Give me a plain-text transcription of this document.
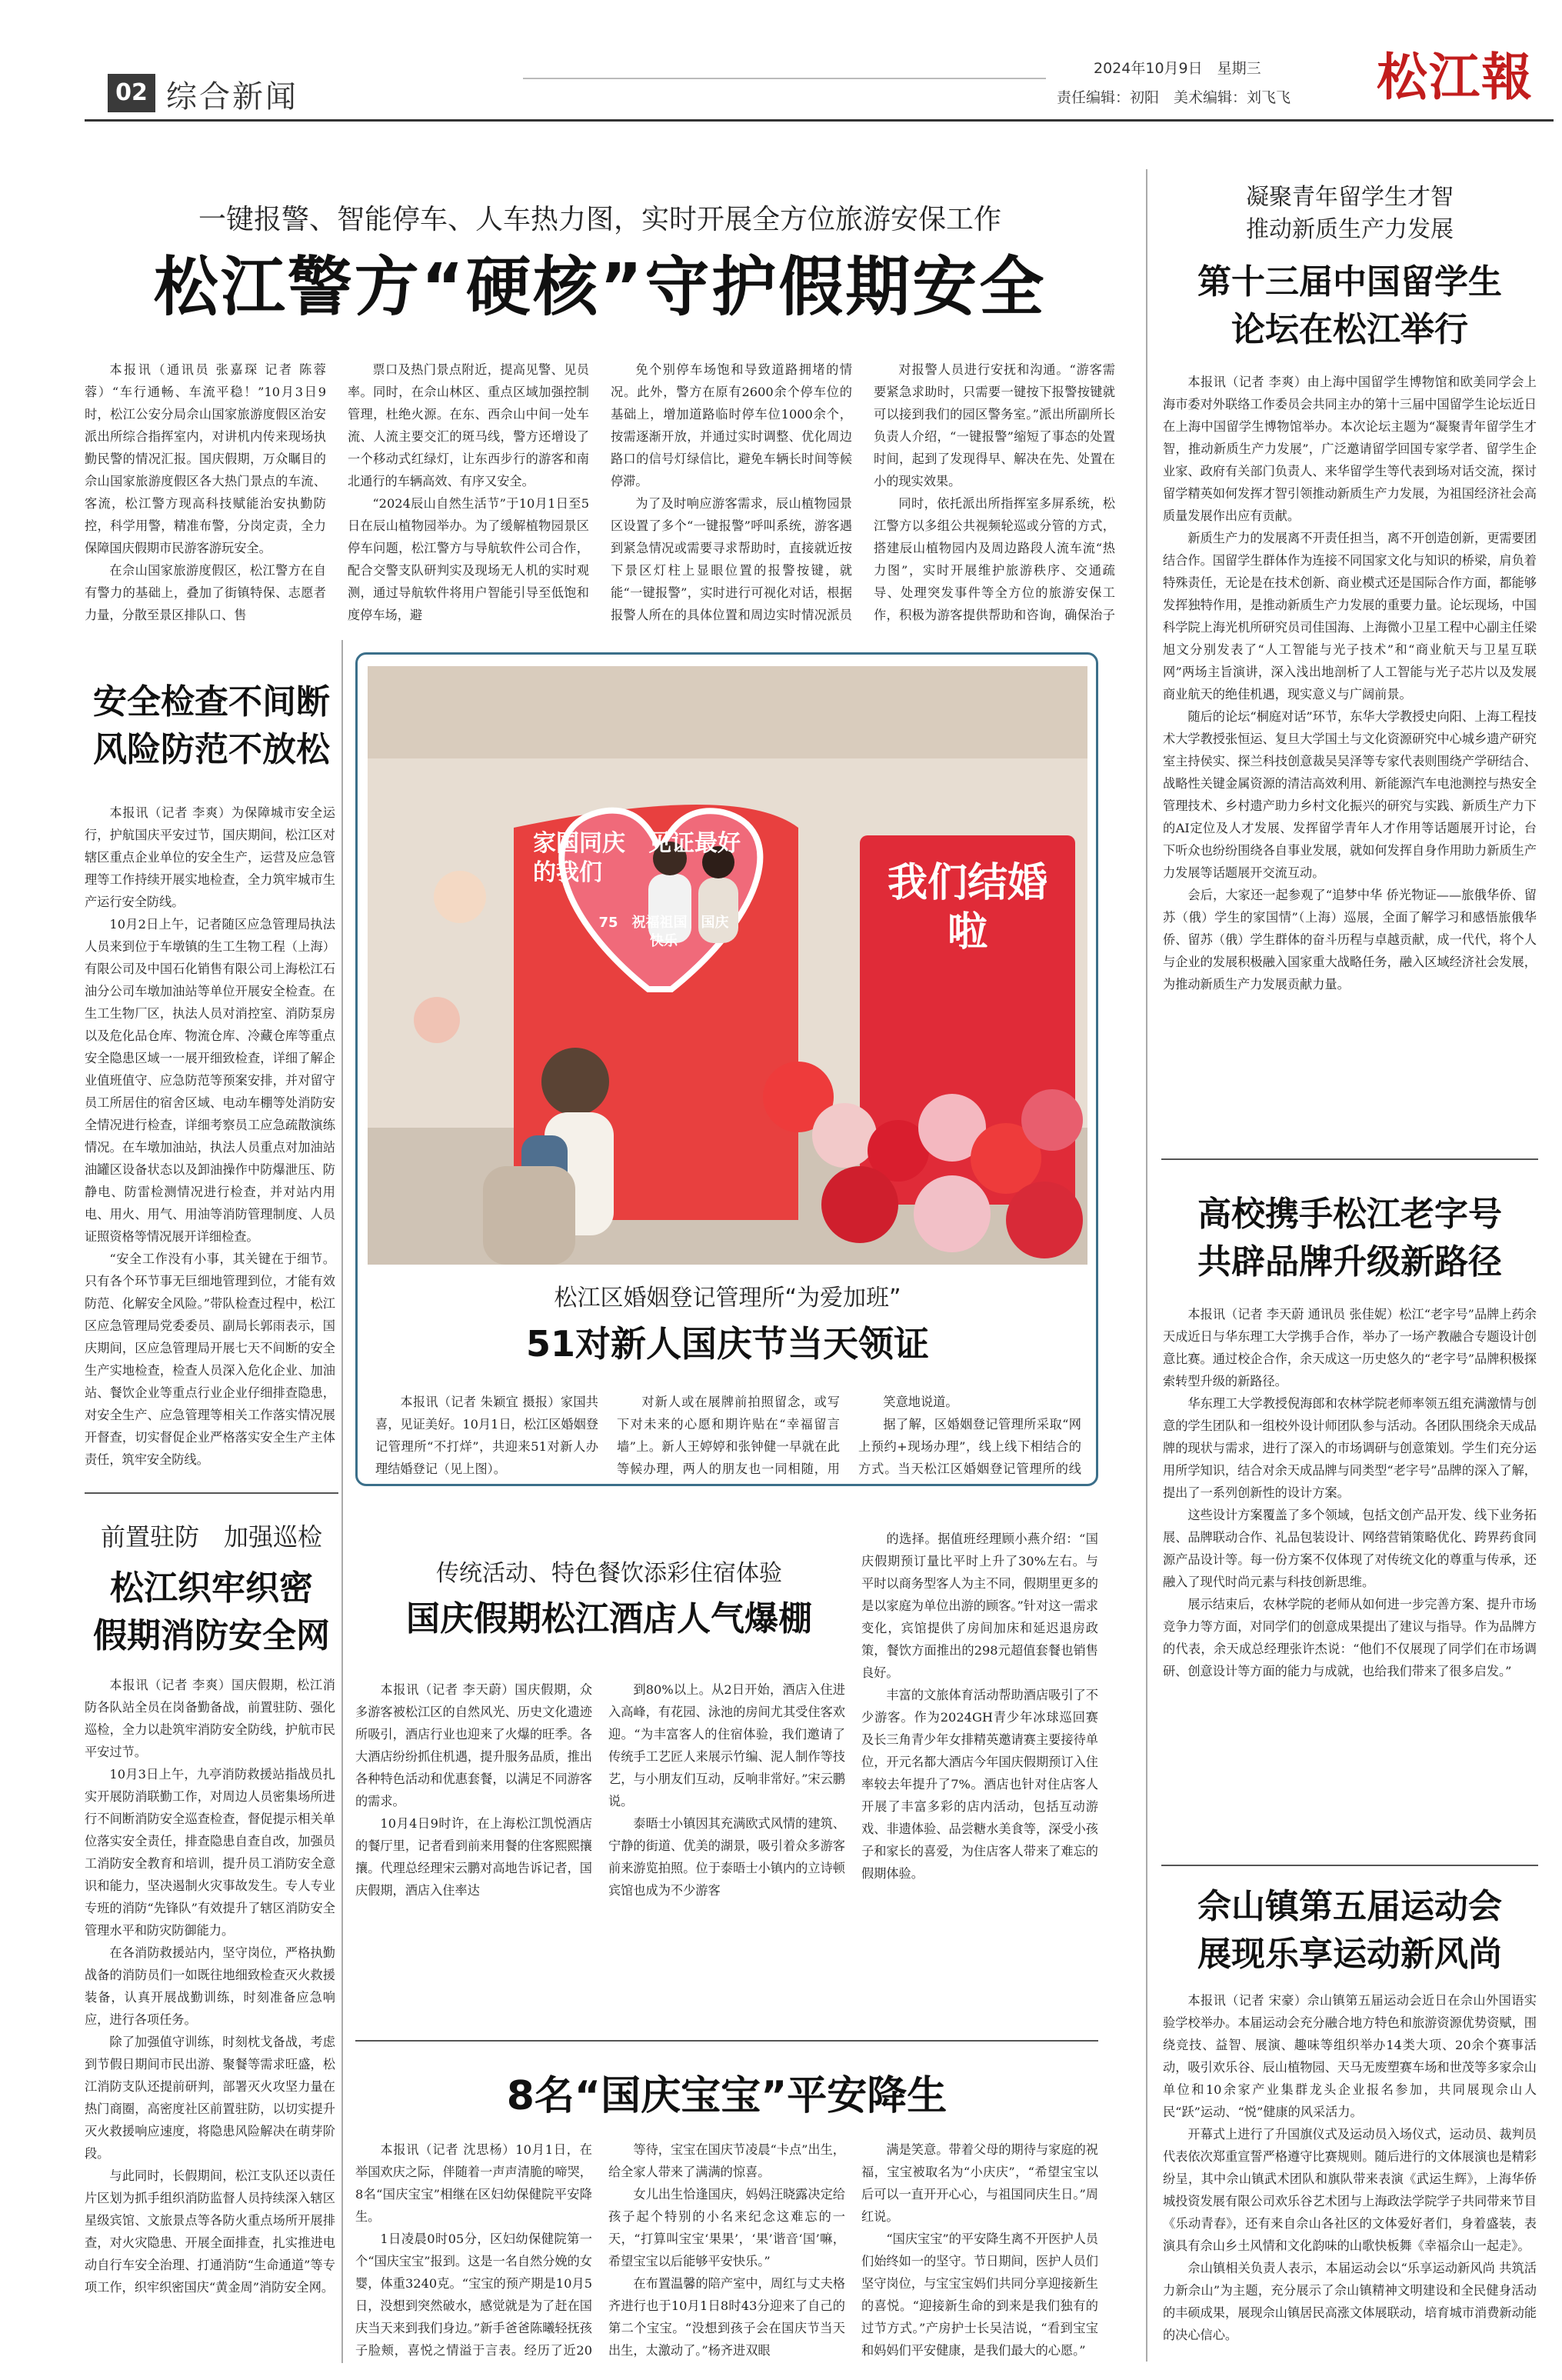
02 综合新闻
2024年10月9日　星期三
责任编辑：初阳　美术编辑：刘飞飞	松江報
一键报警、智能停车、人车热力图，实时开展全方位旅游安保工作
松江警方“硬核”守护假期安全

本报讯（通讯员 张嘉琛 记者 陈蓉蓉）“车行通畅、车流平稳！”10月3日9时，松江公安分局佘山国家旅游度假区治安派出所综合指挥室内，对讲机内传来现场执勤民警的情况汇报。国庆假期，万众瞩目的佘山国家旅游度假区各大热门景点的车流、客流，松江警方现高科技赋能治安执勤防控，科学用警，精准布警，分岗定责，全力保障国庆假期市民游客游玩安全。

在佘山国家旅游度假区，松江警方在自有警力的基础上，叠加了街镇特保、志愿者力量，分散至景区排队口、售

票口及热门景点附近，提高见警、见员率。同时，在佘山林区、重点区域加强控制管理，杜绝火源。在东、西佘山中间一处车流、人流主要交汇的斑马线，警方还增设了一个移动式红绿灯，让东西步行的游客和南北通行的车辆高效、有序又安全。

“2024辰山自然生活节”于10月1日至5日在辰山植物园举办。为了缓解植物园景区停车问题，松江警方与导航软件公司合作，配合交警支队研判实及现场无人机的实时观测，通过导航软件将用户智能引导至低饱和度停车场，避

免个别停车场饱和导致道路拥堵的情况。此外，警方在原有2600余个停车位的基础上，增加道路临时停车位1000余个，按需逐渐开放，并通过实时调整、优化周边路口的信号灯绿信比，避免车辆长时间等候停滞。

为了及时响应游客需求，辰山植物园景区设置了多个“一键报警”呼叫系统，游客遇到紧急情况或需要寻求帮助时，直接就近按下景区灯柱上显眼位置的报警按键，就能“一键报警”，实时进行可视化对话，根据报警人所在的具体位置和周边实时情况派员

对报警人员进行安抚和沟通。“游客需要紧急求助时，只需要一键按下报警按键就可以接到我们的园区警务室。”派出所副所长负责人介绍，“一键报警”缩短了事态的处置时间，起到了发现得早、解决在先、处置在小的现实效果。

同时，依托派出所指挥室多屏系统，松江警方以多组公共视频轮巡或分管的方式，搭建辰山植物园内及周边路段人流车流“热力图”，实时开展维护旅游秩序、交通疏导、处理突发事件等全方位的旅游安保工作，积极为游客提供帮助和咨询，确保治子

安全检查不间断
风险防范不放松

本报讯（记者 李爽）为保障城市安全运行，护航国庆平安过节，国庆期间，松江区对辖区重点企业单位的安全生产，运营及应急管理等工作持续开展实地检查，全力筑牢城市生产运行安全防线。

10月2日上午，记者随区应急管理局执法人员来到位于车墩镇的生工生物工程（上海）有限公司及中国石化销售有限公司上海松江石油分公司车墩加油站等单位开展安全检查。在生工生物厂区，执法人员对消控室、消防泵房以及危化品仓库、物流仓库、冷藏仓库等重点安全隐患区域一一展开细致检查，详细了解企业值班值守、应急防范等预案安排，并对留守员工所居住的宿舍区域、电动车棚等处消防安全情况进行检查，详细考察员工应急疏散演练情况。在车墩加油站，执法人员重点对加油站油罐区设备状态以及卸油操作中防爆泄压、防静电、防雷检测情况进行检查，并对站内用电、用火、用气、用油等消防管理制度、人员证照资格等情况展开详细检查。

“安全工作没有小事，其关键在于细节。只有各个环节事无巨细地管理到位，才能有效防范、化解安全风险。”带队检查过程中，松江区应急管理局党委委员、副局长郭雨表示，国庆期间，区应急管理局开展七天不间断的安全生产实地检查，检查人员深入危化企业、加油站、餐饮企业等重点行业企业仔细排查隐患，对安全生产、应急管理等相关工作落实情况展开督查，切实督促企业严格落实安全生产主体责任，筑牢安全防线。

前置驻防　加强巡检
松江织牢织密
假期消防安全网

本报讯（记者 李爽）国庆假期，松江消防各队站全员在岗备勤备战，前置驻防、强化巡检，全力以赴筑牢消防安全防线，护航市民平安过节。

10月3日上午，九亭消防救援站指战员扎实开展防消联勤工作，对周边人员密集场所进行不间断消防安全巡查检查，督促提示相关单位落实安全责任，排查隐患自查自改，加强员工消防安全教育和培训，提升员工消防安全意识和能力，坚决遏制火灾事故发生。专人专业专班的消防“先锋队”有效提升了辖区消防安全管理水平和防灾防御能力。

在各消防救援站内，坚守岗位，严格执勤战备的消防员们一如既往地细致检查灭火救援装备，认真开展战勤训练，时刻准备应急响应，进行各项任务。

除了加强值守训练，时刻枕戈备战，考虑到节假日期间市民出游、聚餐等需求旺盛，松江消防支队还提前研判，部署灭火攻坚力量在热门商圈，高密度社区前置驻防，以切实提升灭火救援响应速度，将隐患风险解决在萌芽阶段。

与此同时，长假期间，松江支队还以责任片区划为抓手组织消防监督人员持续深入辖区星级宾馆、文旅景点等各防火重点场所开展排查，对火灾隐患、开展全面排查，扎实推进电动自行车安全治理、打通消防“生命通道”等专项工作，织牢织密国庆“黄金周”消防安全网。

家国同庆　见证最好的我们
75　祝福祖国　国庆快乐
我们结婚啦
松江区婚姻登记管理所“为爱加班”
51对新人国庆节当天领证

本报讯（记者 朱颖宜 摄报）家国共喜，见证美好。10月1日，松江区婚姻登记管理所“不打烊”，共迎来51对新人办理结婚登记（见上图）。

对新人或在展牌前拍照留念，或写下对未来的心愿和期许贴在“幸福留言墙”上。新人王婷婷和张钟健一早就在此等候办理，两人的朋友也一同相随，用

笑意地说道。

据了解，区婚姻登记管理所采取“网上预约+现场办理”，线上线下相结合的方式。当天松江区婚姻登记管理所的线

传统活动、特色餐饮添彩住宿体验
国庆假期松江酒店人气爆棚

本报讯（记者 李天蔚）国庆假期，众多游客被松江区的自然风光、历史文化遗迹所吸引，酒店行业也迎来了火爆的旺季。各大酒店纷纷抓住机遇，提升服务品质，推出各种特色活动和优惠套餐，以满足不同游客的需求。

10月4日9时许，在上海松江凯悦酒店的餐厅里，记者看到前来用餐的住客熙熙攘攘。代理总经理宋云鹏对高地告诉记者，国庆假期，酒店入住率达

到80%以上。从2日开始，酒店入住进入高峰，有花园、泳池的房间尤其受住客欢迎。“为丰富客人的住宿体验，我们邀请了传统手工艺匠人来展示竹编、泥人制作等技艺，与小朋友们互动，反响非常好。”宋云鹏说。

泰晤士小镇因其充满欧式风情的建筑、宁静的街道、优美的湖景，吸引着众多游客前来游览拍照。位于泰晤士小镇内的立诗顿宾馆也成为不少游客

的选择。据值班经理顾小燕介绍：“国庆假期预订量比平时上升了30%左右。与平时以商务型客人为主不同，假期里更多的是以家庭为单位出游的顾客。”针对这一需求变化，宾馆提供了房间加床和延迟退房政策，餐饮方面推出的298元超值套餐也销售良好。

丰富的文旅体育活动帮助酒店吸引了不少游客。作为2024GH青少年冰球巡回赛及长三角青少年女排精英邀请赛主要接待单位，开元名都大酒店今年国庆假期预订入住率较去年提升了7%。酒店也针对住店客人开展了丰富多彩的店内活动，包括互动游戏、非遗体验、品尝糖水美食等，深受小孩子和家长的喜爱，为住店客人带来了难忘的假期体验。

8名“国庆宝宝”平安降生

本报讯（记者 沈思杨）10月1日，在举国欢庆之际，伴随着一声声清脆的啼哭，8名“国庆宝宝”相继在区妇幼保健院平安降生。

1日凌晨0时05分，区妇幼保健院第一个“国庆宝宝”报到。这是一名自然分娩的女婴，体重3240克。“宝宝的预产期是10月5日，没想到突然破水，感觉就是为了赶在国庆当天来到我们身边。”新手爸爸陈曦轻抚孩子脸颊，喜悦之情溢于言表。经历了近20

等待，宝宝在国庆节凌晨“卡点”出生，给全家人带来了满满的惊喜。

女儿出生恰逢国庆，妈妈汪晓露决定给孩子起个特别的小名来纪念这难忘的一天，“打算叫宝宝‘果果’，‘果’谐音‘国’嘛，希望宝宝以后能够平安快乐。”

在布置温馨的陪产室中，周红与丈夫格齐进行也于10月1日8时43分迎来了自己的第二个宝宝。“没想到孩子会在国庆节当天出生，太激动了。”杨齐进双眼

满是笑意。带着父母的期待与家庭的祝福，宝宝被取名为“小庆庆”，“希望宝宝以后可以一直开开心心，与祖国同庆生日。”周红说。

“国庆宝宝”的平安降生离不开医护人员们始终如一的坚守。节日期间，医护人员们坚守岗位，与宝宝宝妈们共同分享迎接新生的喜悦。“迎接新生命的到来是我们独有的过节方式。”产房护士长吴洁说，“看到宝宝和妈妈们平安健康，是我们最大的心愿。”

凝聚青年留学生才智
推动新质生产力发展
第十三届中国留学生
论坛在松江举行

本报讯（记者 李爽）由上海中国留学生博物馆和欧美同学会上海市委对外联络工作委员会共同主办的第十三届中国留学生论坛近日在上海中国留学生博物馆举办。本次论坛主题为“凝聚青年留学生才智，推动新质生产力发展”，广泛邀请留学回国专家学者、留学生企业家、政府有关部门负责人、来华留学生等代表到场对话交流，探讨留学精英如何发挥才智引领推动新质生产力发展，为祖国经济社会高质量发展作出应有贡献。

新质生产力的发展离不开责任担当，离不开创造创新，更需要团结合作。国留学生群体作为连接不同国家文化与知识的桥梁，肩负着特殊责任，无论是在技术创新、商业模式还是国际合作方面，都能够发挥独特作用，是推动新质生产力发展的重要力量。论坛现场，中国科学院上海光机所研究员司佳国海、上海微小卫星工程中心副主任梁旭文分别发表了“人工智能与光子技术”和“商业航天与卫星互联网”两场主旨演讲，深入浅出地剖析了人工智能与光子芯片以及发展商业航天的绝佳机遇，现实意义与广阔前景。

随后的论坛“桐庭对话”环节，东华大学教授史向阳、上海工程技术大学教授张恒运、复旦大学国土与文化资源研究中心城乡遗产研究室主持侯实、探兰科技创意裁吴吴泽等专家代表则围绕产学研结合、战略性关键金属资源的清洁高效利用、新能源汽车电池测控与热安全管理技术、乡村遗产助力乡村文化振兴的研究与实践、新质生产力下的AI定位及人才发展、发挥留学青年人才作用等话题展开讨论，台下听众也纷纷围绕各自事业发展，就如何发挥自身作用助力新质生产力发展等话题展开交流互动。

会后，大家还一起参观了“追梦中华 侨光物证——旅俄华侨、留苏（俄）学生的家国情”（上海）巡展，全面了解学习和感悟旅俄华侨、留苏（俄）学生群体的奋斗历程与卓越贡献，成一代代，将个人与企业的发展积极融入国家重大战略任务，融入区域经济社会发展，为推动新质生产力发展贡献力量。

高校携手松江老字号
共辟品牌升级新路径

本报讯（记者 李天蔚 通讯员 张佳妮）松江“老字号”品牌上药余天成近日与华东理工大学携手合作，举办了一场产教融合专题设计创意比赛。通过校企合作，余天成这一历史悠久的“老字号”品牌积极探索转型升级的新路径。

华东理工大学教授倪海郎和农林学院老师率领五组充满激情与创意的学生团队和一组校外设计师团队参与活动。各团队围绕余天成品牌的现状与需求，进行了深入的市场调研与创意策划。学生们充分运用所学知识，结合对余天成品牌与同类型“老字号”品牌的深入了解，提出了一系列创新性的设计方案。

这些设计方案覆盖了多个领域，包括文创产品开发、线下业务拓展、品牌联动合作、礼品包装设计、网络营销策略优化、跨界药食同源产品设计等。每一份方案不仅体现了对传统文化的尊重与传承，还融入了现代时尚元素与科技创新思维。

展示结束后，农林学院的老师从如何进一步完善方案、提升市场竞争力等方面，对同学们的创意成果提出了建议与指导。作为品牌方的代表，余天成总经理张许杰说：“他们不仅展现了同学们在市场调研、创意设计等方面的能力与成就，也给我们带来了很多启发。”

佘山镇第五届运动会
展现乐享运动新风尚

本报讯（记者 宋豪）佘山镇第五届运动会近日在佘山外国语实验学校举办。本届运动会充分融合地方特色和旅游资源优势资赋，围绕竞技、益智、展演、趣味等组织举办14类大项、20余个赛事活动，吸引欢乐谷、辰山植物园、天马无废塑赛车场和世茂等多家佘山单位和10余家产业集群龙头企业报名参加，共同展现佘山人民“跃”运动、“悦”健康的风采活力。

开幕式上进行了升国旗仪式及运动员入场仪式，运动员、裁判员代表依次郑重宣誓严格遵守比赛规则。随后进行的文体展演也是精彩纷呈，其中佘山镇武术团队和旗队带来表演《武运生辉》，上海华侨城投资发展有限公司欢乐谷艺术团与上海政法学院学子共同带来节目《乐动青春》，还有来自佘山各社区的文体爱好者们，身着盛装，表演具有佘山乡土风情和文化韵味的山歌快板舞《幸福佘山一起走》。

佘山镇相关负责人表示，本届运动会以“乐享运动新风尚 共筑活力新佘山”为主题，充分展示了佘山镇精神文明建设和全民健身活动的丰硕成果，展现佘山镇居民高涨文体展联动，培育城市消费新动能的决心信心。
